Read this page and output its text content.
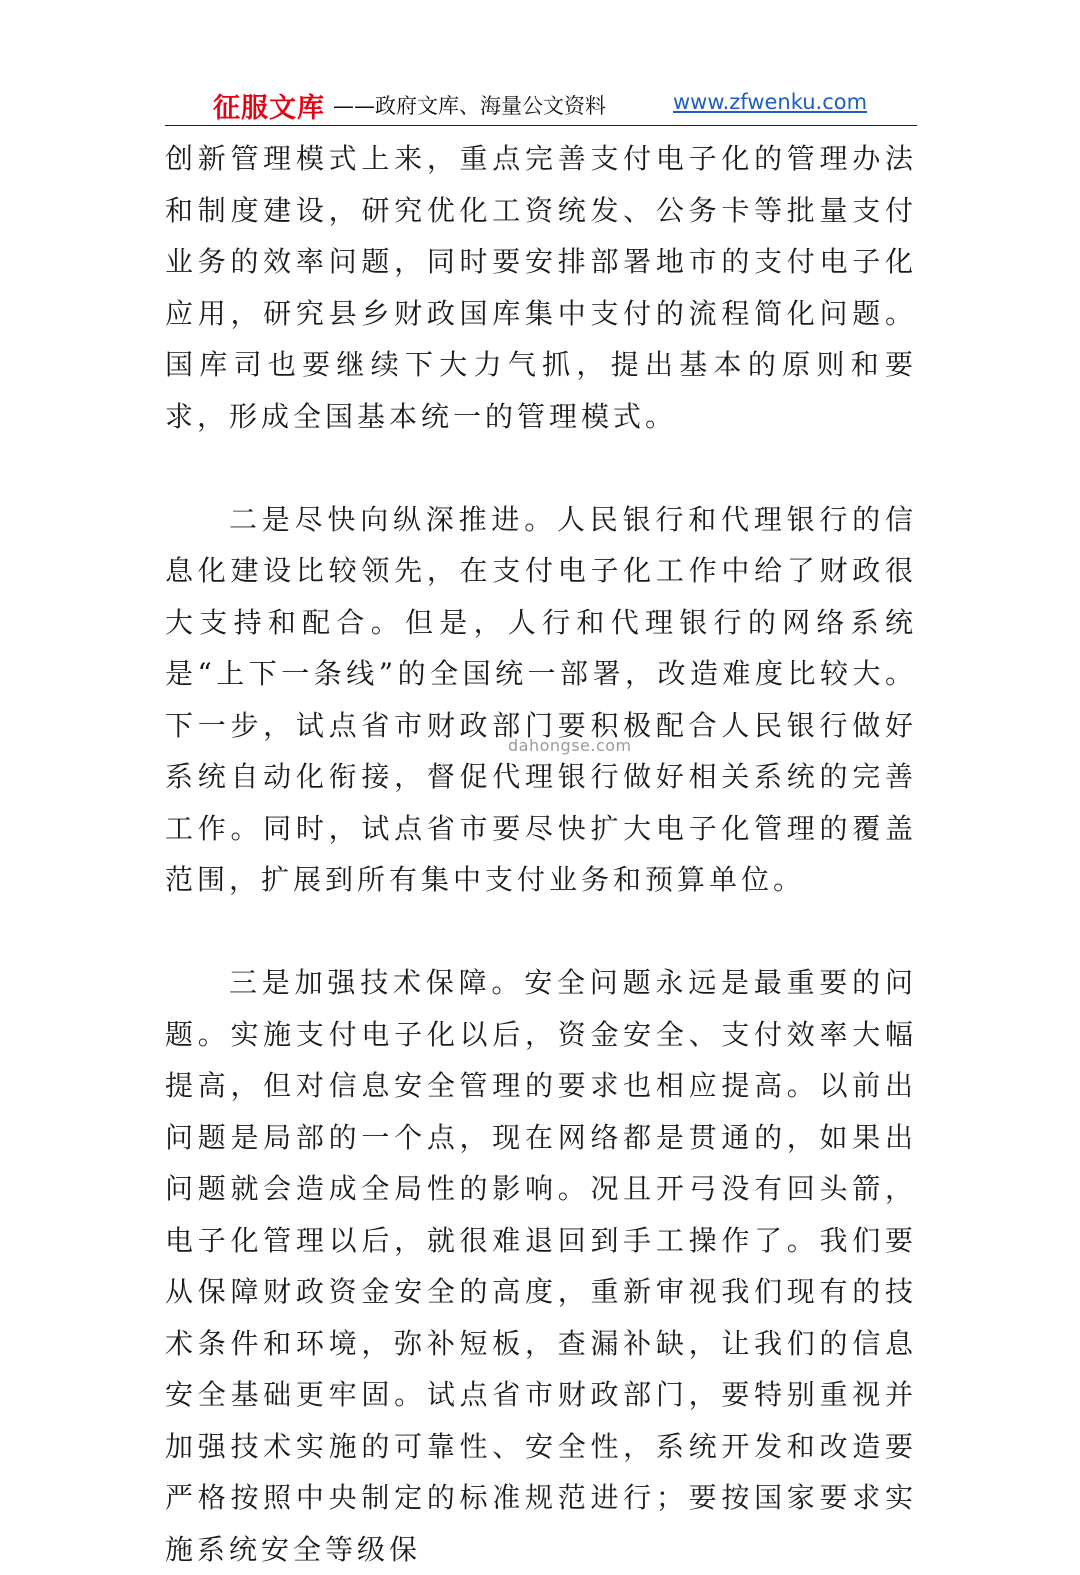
征服文库 ——政府文库、海量公文资料	www.zfwenku.com

创新管理模式上来，重点完善支付电子化的管理办法和制度建设，研究优化工资统发、公务卡等批量支付业务的效率问题，同时要安排部署地市的支付电子化应用，研究县乡财政国库集中支付的流程简化问题。国库司也要继续下大力气抓，提出基本的原则和要求，形成全国基本统一的管理模式。

二是尽快向纵深推进。人民银行和代理银行的信息化建设比较领先，在支付电子化工作中给了财政很大支持和配合。但是，人行和代理银行的网络系统是“上下一条线”的全国统一部署，改造难度比较大。下一步，试点省市财政部门要积极配合人民银行做好系统自动化衔接，督促代理银行做好相关系统的完善工作。同时，试点省市要尽快扩大电子化管理的覆盖范围，扩展到所有集中支付业务和预算单位。

三是加强技术保障。安全问题永远是最重要的问题。实施支付电子化以后，资金安全、支付效率大幅提高，但对信息安全管理的要求也相应提高。以前出问题是局部的一个点，现在网络都是贯通的，如果出问题就会造成全局性的影响。况且开弓没有回头箭，电子化管理以后，就很难退回到手工操作了。我们要从保障财政资金安全的高度，重新审视我们现有的技术条件和环境，弥补短板，查漏补缺，让我们的信息安全基础更牢固。试点省市财政部门，要特别重视并加强技术实施的可靠性、安全性，系统开发和改造要严格按照中央制定的标准规范进行；要按国家要求实施系统安全等级保

dahongse.com
